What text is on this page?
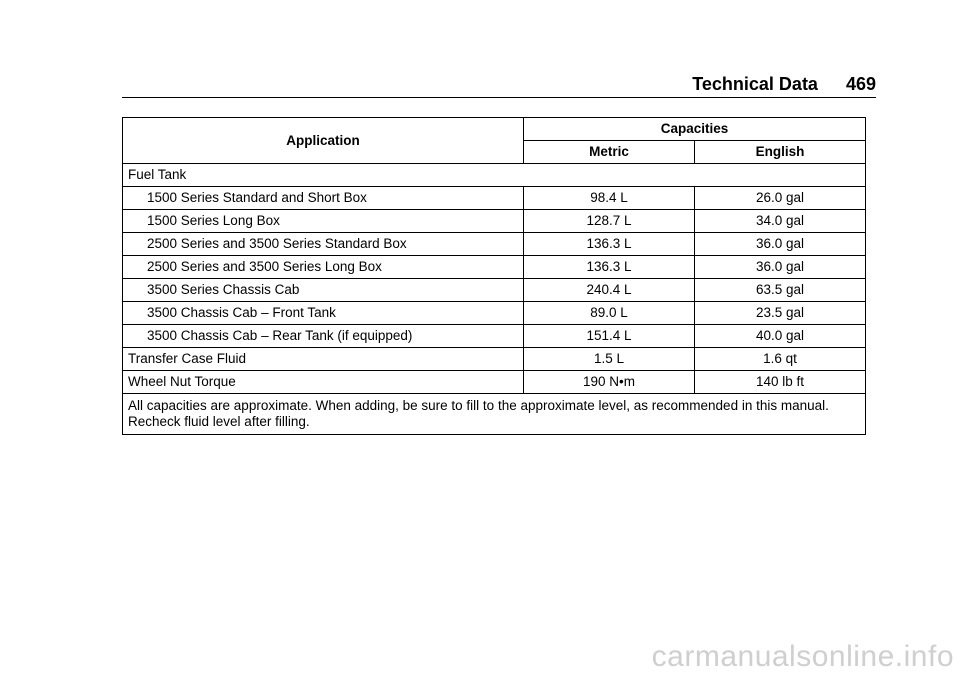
Technical Data 469
Application	Capacities	
	Metric	English
Fuel Tank		
1500 Series Standard and Short Box	98.4 L	26.0 gal
1500 Series Long Box	128.7 L	34.0 gal
2500 Series and 3500 Series Standard Box	136.3 L	36.0 gal
2500 Series and 3500 Series Long Box	136.3 L	36.0 gal
3500 Series Chassis Cab	240.4 L	63.5 gal
3500 Chassis Cab – Front Tank	89.0 L	23.5 gal
3500 Chassis Cab – Rear Tank (if equipped)	151.4 L	40.0 gal
Transfer Case Fluid	1.5 L	1.6 qt
Wheel Nut Torque	190 N•m	140 lb ft
All capacities are approximate. When adding, be sure to fill to the approximate level, as recommended in this manual. Recheck fluid level after filling.		
carmanualsonline.info
